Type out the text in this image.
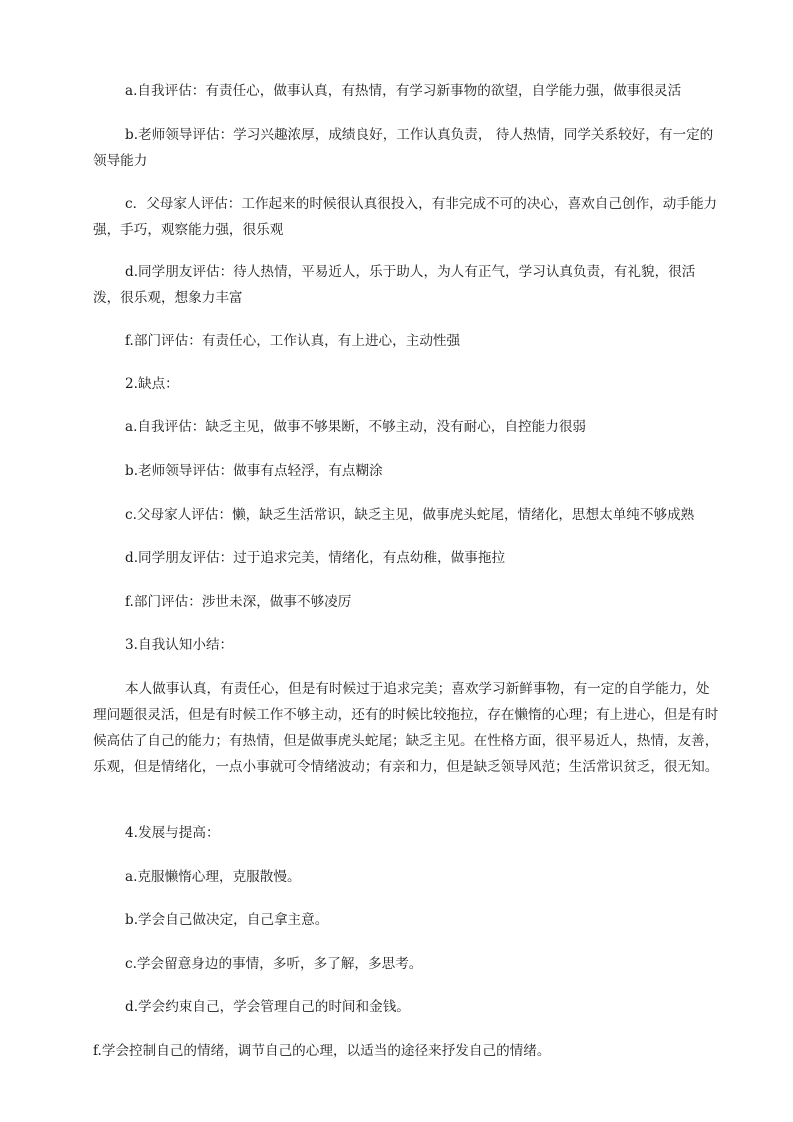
a.自我评估：有责任心，做事认真，有热情，有学习新事物的欲望，自学能力强，做事很灵活

b.老师领导评估：学习兴趣浓厚，成绩良好，工作认真负责， 待人热情，同学关系较好，有一定的领导能力

c．父母家人评估：工作起来的时候很认真很投入，有非完成不可的决心，喜欢自己创作，动手能力强，手巧，观察能力强，很乐观

d.同学朋友评估：待人热情，平易近人，乐于助人，为人有正气，学习认真负责，有礼貌，很活泼，很乐观，想象力丰富

f.部门评估：有责任心，工作认真，有上进心，主动性强

2.缺点：

a.自我评估：缺乏主见，做事不够果断，不够主动，没有耐心，自控能力很弱

b.老师领导评估：做事有点轻浮，有点糊涂

c.父母家人评估：懒，缺乏生活常识，缺乏主见，做事虎头蛇尾，情绪化，思想太单纯不够成熟

d.同学朋友评估：过于追求完美，情绪化，有点幼稚，做事拖拉

f.部门评估：涉世未深，做事不够凌厉

3.自我认知小结：

本人做事认真，有责任心，但是有时候过于追求完美；喜欢学习新鲜事物，有一定的自学能力，处理问题很灵活，但是有时候工作不够主动，还有的时候比较拖拉，存在懒惰的心理；有上进心，但是有时候高估了自己的能力；有热情，但是做事虎头蛇尾；缺乏主见。在性格方面，很平易近人，热情，友善，乐观，但是情绪化，一点小事就可令情绪波动；有亲和力，但是缺乏领导风范；生活常识贫乏，很无知。

4.发展与提高：

a.克服懒惰心理，克服散慢。

b.学会自己做决定，自己拿主意。

c.学会留意身边的事情，多听，多了解，多思考。

d.学会约束自己，学会管理自己的时间和金钱。

f.学会控制自己的情绪，调节自己的心理，以适当的途径来抒发自己的情绪。
